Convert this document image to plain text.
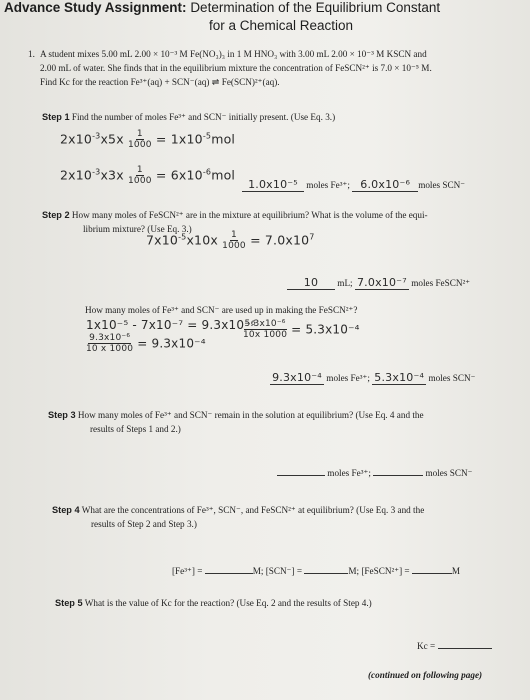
Advance Study Assignment: Determination of the Equilibrium Constant
for a Chemical Reaction
1. A student mixes 5.00 mL 2.00 × 10⁻³ M Fe(NO₃)₃ in 1 M HNO₃ with 3.00 mL 2.00 × 10⁻³ M KSCN and
2.00 mL of water. She finds that in the equilibrium mixture the concentration of FeSCN²⁺ is 7.0 × 10⁻⁵ M.
Find Kc for the reaction Fe³⁺(aq) + SCN⁻(aq) ⇌ Fe(SCN)²⁺(aq).
Step 1 Find the number of moles Fe³⁺ and SCN⁻ initially present. (Use Eq. 3.)
$2x10^{-3}x5x \frac{1}{1000} = 1x10^{-5}mol$
$2x10^{-3}x3x \frac{1}{1000} = 6x10^{-6}mol$
1.0x10⁻⁵ moles Fe³⁺; 6.0x10⁻⁶ moles SCN⁻
Step 2 How many moles of FeSCN²⁺ are in the mixture at equilibrium? What is the volume of the equi-
librium mixture? (Use Eq. 3.)
$7x10^{-5}x10x \frac{1}{1000} = 7.0x10^7$
10 mL; 7.0x10⁻⁷ moles FeSCN²⁺
How many moles of Fe³⁺ and SCN⁻ are used up in making the FeSCN²⁺?
1x10⁻⁵ - 7x10⁻⁷ = 9.3x10⁻⁶
$\frac{\text{9.3x10⁻⁶}}{10 x 1000} = 9.3x10^{-4}$
$\frac{\text{5.3x10⁻⁶}}{10x 1000} = 5.3x10^{-4}$
9.3x10⁻⁴ moles Fe³⁺; 5.3x10⁻⁴ moles SCN⁻
Step 3 How many moles of Fe³⁺ and SCN⁻ remain in the solution at equilibrium? (Use Eq. 4 and the
results of Steps 1 and 2.)
moles Fe³⁺;	moles SCN⁻
Step 4 What are the concentrations of Fe³⁺, SCN⁻, and FeSCN²⁺ at equilibrium? (Use Eq. 3 and the
results of Step 2 and Step 3.)
[Fe³⁺] =	M; [SCN⁻] =	M; [FeSCN²⁺] =	M
Step 5 What is the value of Kc for the reaction? (Use Eq. 2 and the results of Step 4.)
Kc =
(continued on following page)
